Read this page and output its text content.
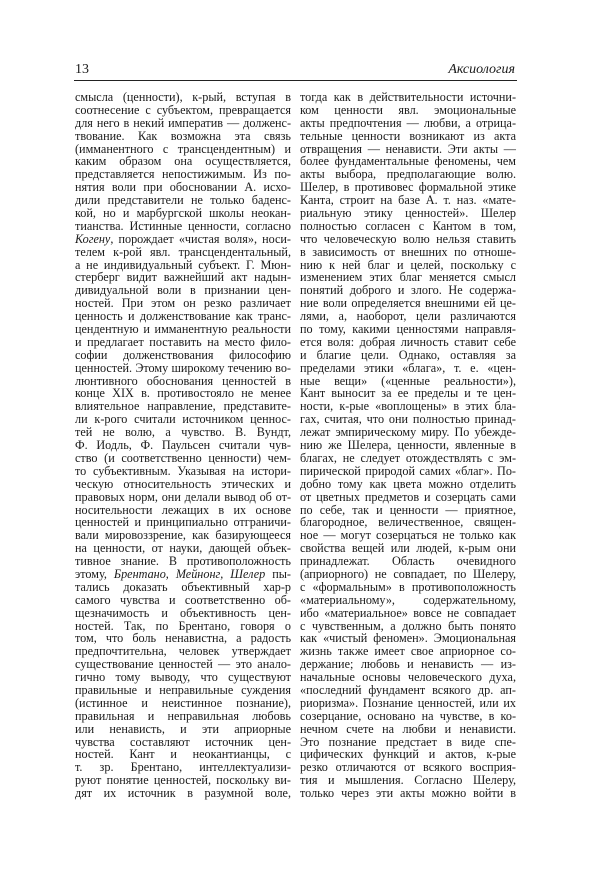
13	Аксиология
смысла (ценности), к-рый, вступая в
соотнесение с субъектом, превращается
для него в некий императив — долженс-
твование. Как возможна эта связь
(имманентного с трансцендентным) и
каким образом она осуществляется,
представляется непостижимым. Из по-
нятия воли при обосновании А. исхо-
дили представители не только баденс-
кой, но и марбургской школы неокан-
тианства. Истинные ценности, согласно
Когену, порождает «чистая воля», носи-
телем к-рой явл. трансцендентальный,
а не индивидуальный субъект. Г. Мюн-
стерберг видит важнейший акт надын-
дивидуальной воли в признании цен-
ностей. При этом он резко различает
ценность и долженствование как транс-
цендентную и имманентную реальности
и предлагает поставить на место фило-
софии долженствования философию
ценностей. Этому широкому течению во-
люнтивного обоснования ценностей в
конце XIX в. противостояло не менее
влиятельное направление, представите-
ли к-рого считали источником ценнос-
тей не волю, а чувство. В. Вундт,
Ф. Иодль, Ф. Паульсен считали чув-
ство (и соответственно ценности) чем-
то субъективным. Указывая на истори-
ческую относительность этических и
правовых норм, они делали вывод об от-
носительности лежащих в их основе
ценностей и принципиально отграничи-
вали мировоззрение, как базирующееся
на ценности, от науки, дающей объек-
тивное знание. В противоположность
этому, Брентано, Мейнонг, Шелер пы-
тались доказать объективный хар-р
самого чувства и соответственно об-
щезначимость и объективность цен-
ностей. Так, по Брентано, говоря о
том, что боль ненавистна, а радость
предпочтительна, человек утверждает
существование ценностей — это анало-
гично тому выводу, что существуют
правильные и неправильные суждения
(истинное и неистинное познание),
правильная и неправильная любовь
или ненависть, и эти априорные
чувства составляют источник цен-
ностей. Кант и неокантианцы, с
т. зр. Брентано, интеллектуализи-
руют понятие ценностей, поскольку ви-
дят их источник в разумной воле,
тогда как в действительности источни-
ком ценности явл. эмоциональные
акты предпочтения — любви, а отрица-
тельные ценности возникают из акта
отвращения — ненависти. Эти акты —
более фундаментальные феномены, чем
акты выбора, предполагающие волю.
Шелер, в противовес формальной этике
Канта, строит на базе А. т. наз. «мате-
риальную этику ценностей». Шелер
полностью согласен с Кантом в том,
что человеческую волю нельзя ставить
в зависимость от внешних по отноше-
нию к ней благ и целей, поскольку с
изменением этих благ меняется смысл
понятий доброго и злого. Не содержа-
ние воли определяется внешними ей це-
лями, а, наоборот, цели различаются
по тому, какими ценностями направля-
ется воля: добрая личность ставит себе
и благие цели. Однако, оставляя за
пределами этики «блага», т. е. «цен-
ные вещи» («ценные реальности»),
Кант выносит за ее пределы и те цен-
ности, к-рые «воплощены» в этих бла-
гах, считая, что они полностью принад-
лежат эмпирическому миру. По убежде-
нию же Шелера, ценности, явленные в
благах, не следует отождествлять с эм-
пирической природой самих «благ». По-
добно тому как цвета можно отделить
от цветных предметов и созерцать сами
по себе, так и ценности — приятное,
благородное, величественное, священ-
ное — могут созерцаться не только как
свойства вещей или людей, к-рым они
принадлежат. Область очевидного
(априорного) не совпадает, по Шелеру,
с «формальным» в противоположность
«материальному», содержательному,
ибо «материальное» вовсе не совпадает
с чувственным, а должно быть понято
как «чистый феномен». Эмоциональная
жизнь также имеет свое априорное со-
держание; любовь и ненависть — из-
начальные основы человеческого духа,
«последний фундамент всякого др. ап-
риоризма». Познание ценностей, или их
созерцание, основано на чувстве, в ко-
нечном счете на любви и ненависти.
Это познание предстает в виде спе-
цифических функций и актов, к-рые
резко отличаются от всякого восприя-
тия и мышления. Согласно Шелеру,
только через эти акты можно войти в
